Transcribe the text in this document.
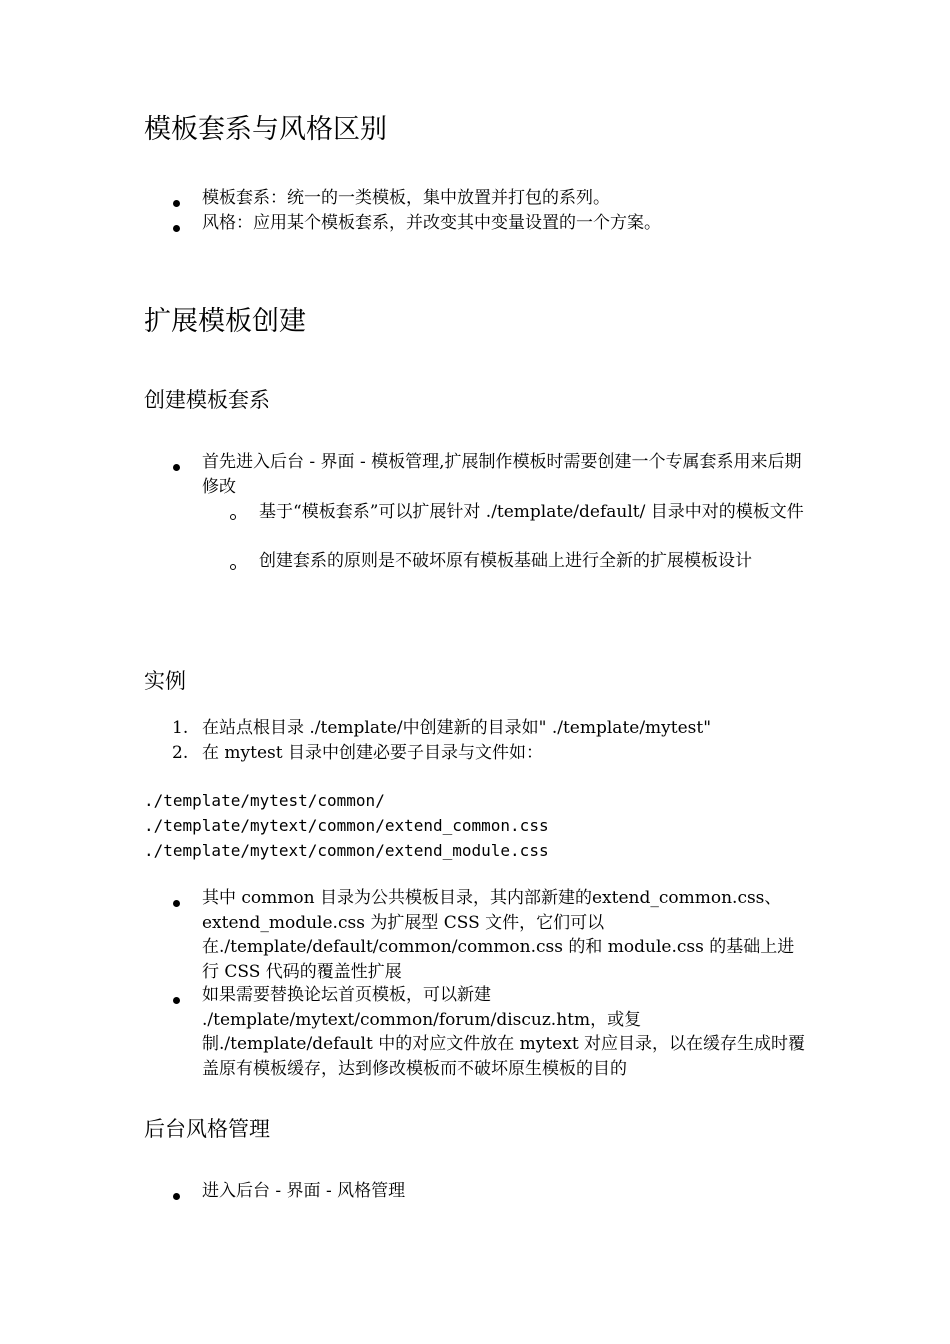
模板套系与风格区别
模板套系：统一的一类模板，集中放置并打包的系列。
风格：应用某个模板套系，并改变其中变量设置的一个方案。
扩展模板创建
创建模板套系
首先进入后台 - 界面 - 模板管理,扩展制作模板时需要创建一个专属套系用来后期修改
基于“模板套系”可以扩展针对 ./template/default/ 目录中对的模板文件
创建套系的原则是不破坏原有模板基础上进行全新的扩展模板设计
实例
1. 在站点根目录 ./template/中创建新的目录如" ./template/mytest"
2. 在 mytest 目录中创建必要子目录与文件如：
./template/mytest/common/
./template/mytext/common/extend_common.css
./template/mytext/common/extend_module.css
其中 common 目录为公共模板目录，其内部新建的extend_common.css、extend_module.css 为扩展型 CSS 文件，它们可以在./template/default/common/common.css 的和 module.css 的基础上进行 CSS 代码的覆盖性扩展
如果需要替换论坛首页模板，可以新建 ./template/mytext/common/forum/discuz.htm，或复制./template/default 中的对应文件放在 mytext 对应目录，以在缓存生成时覆盖原有模板缓存，达到修改模板而不破坏原生模板的目的
后台风格管理
进入后台 - 界面 - 风格管理
